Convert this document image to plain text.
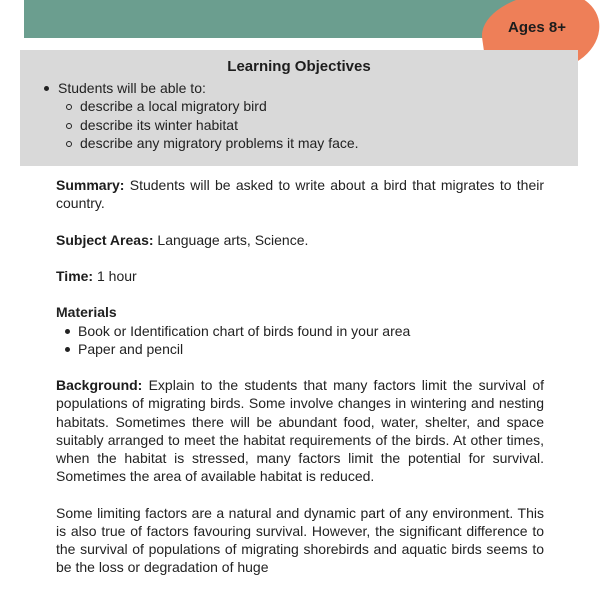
Ages 8+
Learning Objectives
Students will be able to:
describe a local migratory bird
describe its winter habitat
describe any migratory problems it may face.

Summary: Students will be asked to write about a bird that migrates to their country.

Subject Areas: Language arts, Science.

Time: 1 hour

Materials
Book or Identification chart of birds found in your area
Paper and pencil

Background: Explain to the students that many factors limit the survival of populations of migrating birds. Some involve changes in wintering and nesting habitats. Sometimes there will be abundant food, water, shelter, and space suitably arranged to meet the habitat requirements of the birds. At other times, when the habitat is stressed, many factors limit the potential for survival. Sometimes the area of available habitat is reduced.

Some limiting factors are a natural and dynamic part of any environment. This is also true of factors favouring survival. However, the significant difference to the survival of populations of migrating shorebirds and aquatic birds seems to be the loss or degradation of huge
